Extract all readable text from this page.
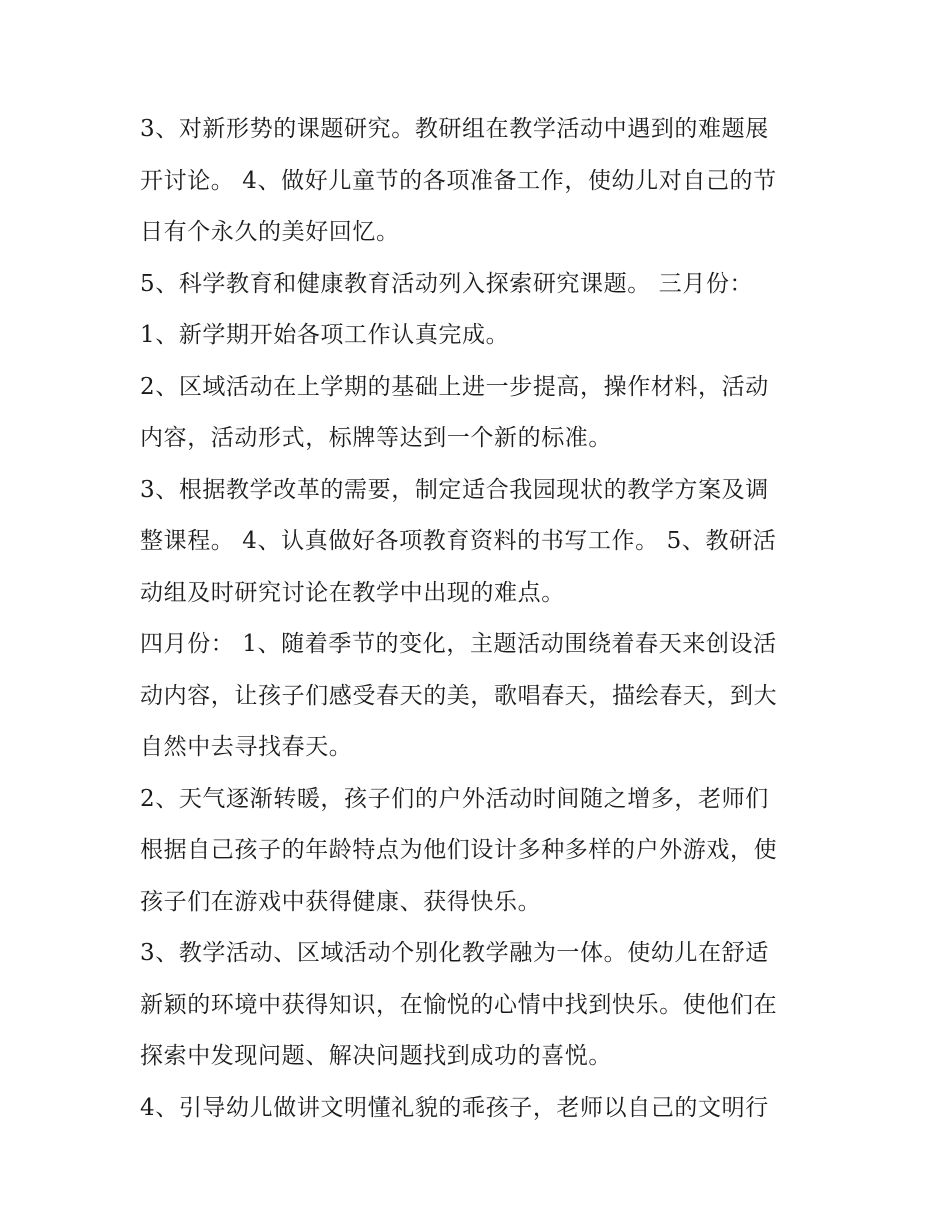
3、对新形势的课题研究。教研组在教学活动中遇到的难题展
开讨论。 4、做好儿童节的各项准备工作，使幼儿对自己的节
日有个永久的美好回忆。
5、科学教育和健康教育活动列入探索研究课题。 三月份：
1、新学期开始各项工作认真完成。
2、区域活动在上学期的基础上进一步提高，操作材料，活动
内容，活动形式，标牌等达到一个新的标准。
3、根据教学改革的需要，制定适合我园现状的教学方案及调
整课程。 4、认真做好各项教育资料的书写工作。 5、教研活
动组及时研究讨论在教学中出现的难点。
四月份： 1、随着季节的变化，主题活动围绕着春天来创设活
动内容，让孩子们感受春天的美，歌唱春天，描绘春天，到大
自然中去寻找春天。
2、天气逐渐转暖，孩子们的户外活动时间随之增多，老师们
根据自己孩子的年龄特点为他们设计多种多样的户外游戏，使
孩子们在游戏中获得健康、获得快乐。
3、教学活动、区域活动个别化教学融为一体。使幼儿在舒适
新颖的环境中获得知识，在愉悦的心情中找到快乐。使他们在
探索中发现问题、解决问题找到成功的喜悦。
4、引导幼儿做讲文明懂礼貌的乖孩子，老师以自己的文明行
